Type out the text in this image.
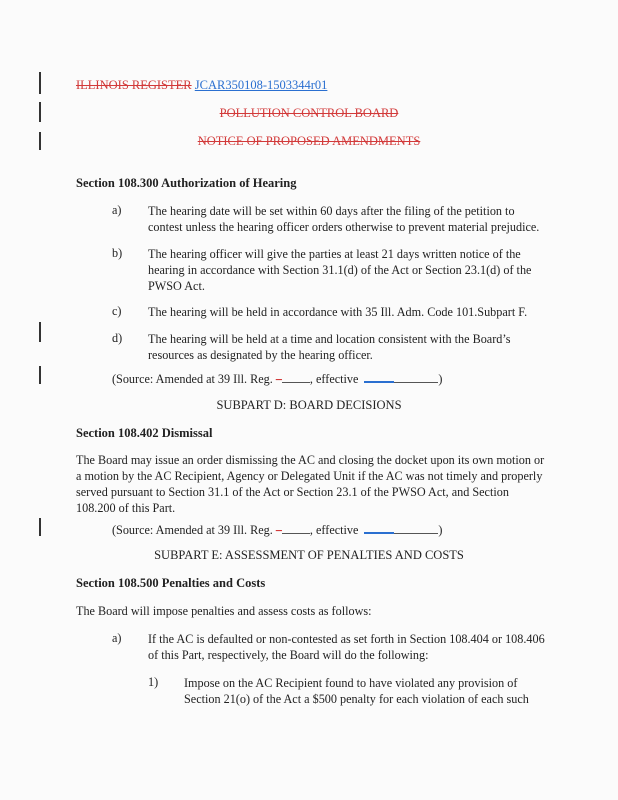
ILLINOIS REGISTER JCAR350108-1503344r01
POLLUTION CONTROL BOARD
NOTICE OF PROPOSED AMENDMENTS
Section 108.300 Authorization of Hearing
a) The hearing date will be set within 60 days after the filing of the petition to contest unless the hearing officer orders otherwise to prevent material prejudice.
b) The hearing officer will give the parties at least 21 days written notice of the hearing in accordance with Section 31.1(d) of the Act or Section 23.1(d) of the PWSO Act.
c) The hearing will be held in accordance with 35 Ill. Adm. Code 101.Subpart F.
d) The hearing will be held at a time and location consistent with the Board’s resources as designated by the hearing officer.
(Source: Amended at 39 Ill. Reg. – , effective	)
SUBPART D: BOARD DECISIONS
Section 108.402 Dismissal
The Board may issue an order dismissing the AC and closing the docket upon its own motion or a motion by the AC Recipient, Agency or Delegated Unit if the AC was not timely and properly served pursuant to Section 31.1 of the Act or Section 23.1 of the PWSO Act, and Section 108.200 of this Part.
(Source: Amended at 39 Ill. Reg. – , effective	)
SUBPART E: ASSESSMENT OF PENALTIES AND COSTS
Section 108.500 Penalties and Costs
The Board will impose penalties and assess costs as follows:
a) If the AC is defaulted or non-contested as set forth in Section 108.404 or 108.406 of this Part, respectively, the Board will do the following:
1) Impose on the AC Recipient found to have violated any provision of Section 21(o) of the Act a $500 penalty for each violation of each such
